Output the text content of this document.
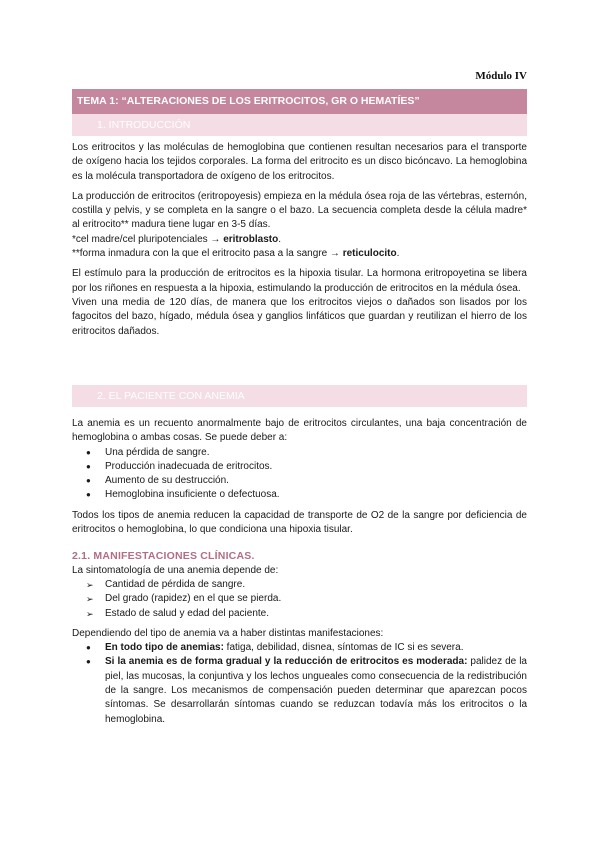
Módulo IV
TEMA 1: “ALTERACIONES DE LOS ERITROCITOS, GR O HEMATÍES”
1. INTRODUCCIÓN

Los eritrocitos y las moléculas de hemoglobina que contienen resultan necesarios para el transporte de oxígeno hacia los tejidos corporales. La forma del eritrocito es un disco bicóncavo. La hemoglobina es la molécula transportadora de oxígeno de los eritrocitos.

La producción de eritrocitos (eritropoyesis) empieza en la médula ósea roja de las vértebras, esternón, costilla y pelvis, y se completa en la sangre o el bazo. La secuencia completa desde la célula madre* al eritrocito** madura tiene lugar en 3-5 días.

*cel madre/cel pluripotenciales → eritroblasto.

**forma inmadura con la que el eritrocito pasa a la sangre → reticulocito.

El estímulo para la producción de eritrocitos es la hipoxia tisular. La hormona eritropoyetina se libera por los riñones en respuesta a la hipoxia, estimulando la producción de eritrocitos en la médula ósea.

Viven una media de 120 días, de manera que los eritrocitos viejos o dañados son lisados por los fagocitos del bazo, hígado, médula ósea y ganglios linfáticos que guardan y reutilizan el hierro de los eritrocitos dañados.

2. EL PACIENTE CON ANEMIA

La anemia es un recuento anormalmente bajo de eritrocitos circulantes, una baja concentración de hemoglobina o ambas cosas. Se puede deber a:

● Una pérdida de sangre.
● Producción inadecuada de eritrocitos.
● Aumento de su destrucción.
● Hemoglobina insuficiente o defectuosa.

Todos los tipos de anemia reducen la capacidad de transporte de O2 de la sangre por deficiencia de eritrocitos o hemoglobina, lo que condiciona una hipoxia tisular.

2.1. MANIFESTACIONES CLÍNICAS.

La sintomatología de una anemia depende de:

➢ Cantidad de pérdida de sangre.
➢ Del grado (rapidez) en el que se pierda.
➢ Estado de salud y edad del paciente.

Dependiendo del tipo de anemia va a haber distintas manifestaciones:

● En todo tipo de anemias: fatiga, debilidad, disnea, síntomas de IC si es severa.
● Si la anemia es de forma gradual y la reducción de eritrocitos es moderada: palidez de la piel, las mucosas, la conjuntiva y los lechos ungueales como consecuencia de la redistribución de la sangre. Los mecanismos de compensación pueden determinar que aparezcan pocos síntomas. Se desarrollarán síntomas cuando se reduzcan todavía más los eritrocitos o la hemoglobina.
